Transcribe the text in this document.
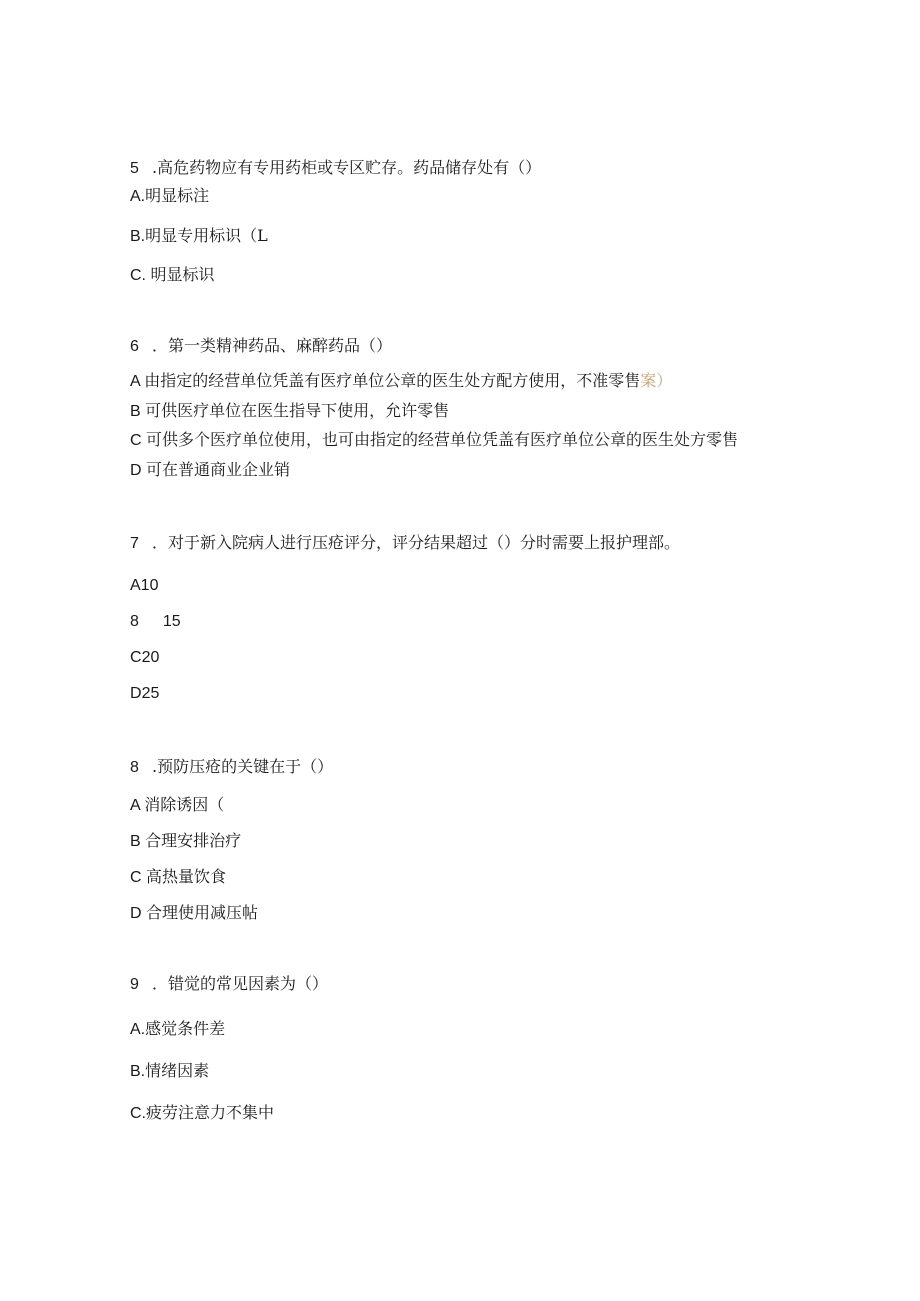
5 .高危药物应有专用药柜或专区贮存。药品储存处有（）
A.明显标注
B.明显专用标识（L
C. 明显标识
6 ．第一类精神药品、麻醉药品（）
A 由指定的经营单位凭盖有医疗单位公章的医生处方配方使用，不准零售案）
B 可供医疗单位在医生指导下使用，允许零售
C 可供多个医疗单位使用，也可由指定的经营单位凭盖有医疗单位公章的医生处方零售
D 可在普通商业企业销
7 ．对于新入院病人进行压疮评分，评分结果超过（）分时需要上报护理部。
A10
8 15
C20
D25
8 .预防压疮的关键在于（）
A 消除诱因（
B 合理安排治疗
C 高热量饮食
D 合理使用减压帖
9 ．错觉的常见因素为（）
A.感觉条件差
B.情绪因素
C.疲劳注意力不集中
